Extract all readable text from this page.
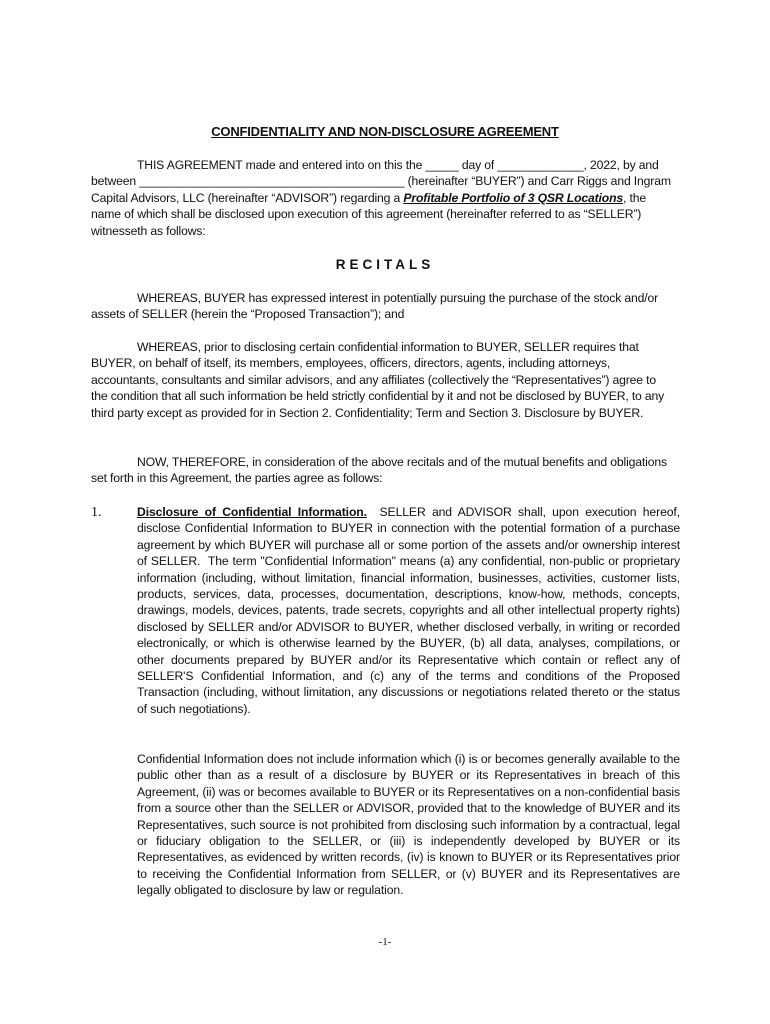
CONFIDENTIALITY AND NON-DISCLOSURE AGREEMENT
THIS AGREEMENT made and entered into on this the _____ day of _____________, 2022, by and between ________________________________________ (hereinafter “BUYER”) and Carr Riggs and Ingram Capital Advisors, LLC (hereinafter “ADVISOR”) regarding a Profitable Portfolio of 3 QSR Locations, the name of which shall be disclosed upon execution of this agreement (hereinafter referred to as “SELLER”) witnesseth as follows:
RECITALS
WHEREAS, BUYER has expressed interest in potentially pursuing the purchase of the stock and/or assets of SELLER (herein the “Proposed Transaction”); and
WHEREAS, prior to disclosing certain confidential information to BUYER, SELLER requires that BUYER, on behalf of itself, its members, employees, officers, directors, agents, including attorneys, accountants, consultants and similar advisors, and any affiliates (collectively the “Representatives”) agree to the condition that all such information be held strictly confidential by it and not be disclosed by BUYER, to any third party except as provided for in Section 2. Confidentiality; Term and Section 3. Disclosure by BUYER.
NOW, THEREFORE, in consideration of the above recitals and of the mutual benefits and obligations set forth in this Agreement, the parties agree as follows:
1.	Disclosure of Confidential Information.  SELLER and ADVISOR shall, upon execution hereof, disclose Confidential Information to BUYER in connection with the potential formation of a purchase agreement by which BUYER will purchase all or some portion of the assets and/or ownership interest of SELLER.  The term "Confidential Information" means (a) any confidential, non-public or proprietary information (including, without limitation, financial information, businesses, activities, customer lists, products, services, data, processes, documentation, descriptions, know-how, methods, concepts, drawings, models, devices, patents, trade secrets, copyrights and all other intellectual property rights) disclosed by SELLER and/or ADVISOR to BUYER, whether disclosed verbally, in writing or recorded electronically, or which is otherwise learned by the BUYER, (b) all data, analyses, compilations, or other documents prepared by BUYER and/or its Representative which contain or reflect any of SELLER'S Confidential Information, and (c) any of the terms and conditions of the Proposed Transaction (including, without limitation, any discussions or negotiations related thereto or the status of such negotiations).
Confidential Information does not include information which (i) is or becomes generally available to the public other than as a result of a disclosure by BUYER or its Representatives in breach of this Agreement, (ii) was or becomes available to BUYER or its Representatives on a non-confidential basis from a source other than the SELLER or ADVISOR, provided that to the knowledge of BUYER and its Representatives, such source is not prohibited from disclosing such information by a contractual, legal or fiduciary obligation to the SELLER, or (iii) is independently developed by BUYER or its Representatives, as evidenced by written records, (iv) is known to BUYER or its Representatives prior to receiving the Confidential Information from SELLER, or (v) BUYER and its Representatives are legally obligated to disclosure by law or regulation.
-1-
